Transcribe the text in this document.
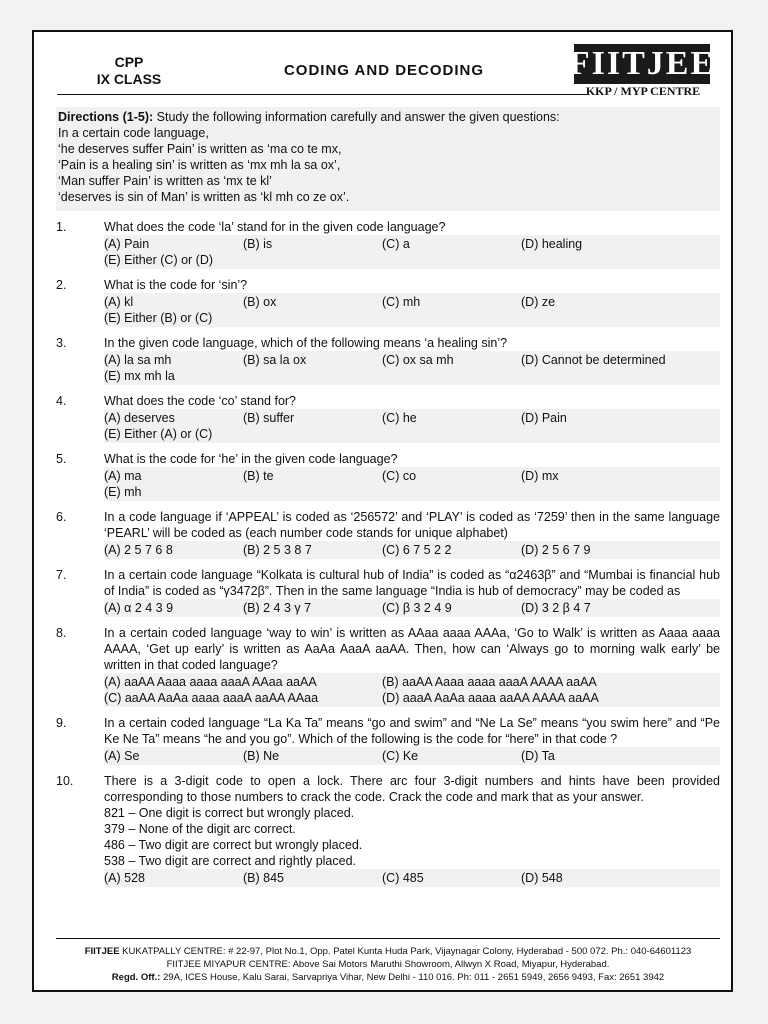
CPP
IX CLASS	CODING AND DECODING	FIITJEE
KKP / MYP CENTRE

Directions (1-5): Study the following information carefully and answer the given questions:

In a certain code language,

‘he deserves suffer Pain’ is written as ‘ma co te mx,

‘Pain is a healing sin’ is written as ‘mx mh la sa ox’,

‘Man suffer Pain’ is written as ‘mx te kl’

‘deserves is sin of Man’ is written as ‘kl mh co ze ox’.

1.	What does the code ‘la’ stand for in the given code language?
(A) Pain	(B) is	(C) a	(D) healing
(E) Either (C) or (D)
2.	What is the code for ‘sin’?
(A) kl	(B) ox	(C) mh	(D) ze
(E) Either (B) or (C)
3.	In the given code language, which of the following means ‘a healing sin’?
(A) la sa mh	(B) sa la ox	(C) ox sa mh	(D) Cannot be determined
(E) mx mh la
4.	What does the code ‘co’ stand for?
(A) deserves	(B) suffer	(C) he	(D) Pain
(E) Either (A) or (C)
5.	What is the code for ‘he’ in the given code language?
(A) ma	(B) te	(C) co	(D) mx
(E) mh
6.	In a code language if ‘APPEAL’ is coded as ‘256572’ and ‘PLAY’ is coded as ‘7259’ then in the same language ‘PEARL’ will be coded as (each number code stands for unique alphabet)
(A) 2 5 7 6 8	(B) 2 5 3 8 7	(C) 6 7 5 2 2	(D) 2 5 6 7 9
7.	In a certain code language “Kolkata is cultural hub of India” is coded as “α2463β” and “Mumbai is financial hub of India” is coded as “γ3472β”. Then in the same language “India is hub of democracy” may be coded as
(A) α 2 4 3 9	(B) 2 4 3 γ 7	(C) β 3 2 4 9	(D) 3 2 β 4 7
8.	In a certain coded language ‘way to win’ is written as AAaa aaaa AAAa, ‘Go to Walk’ is written as Aaaa aaaa AAAA, ‘Get up early’ is written as AaAa AaaA aaAA. Then, how can ‘Always go to morning walk early’ be written in that coded language?
(A) aaAA Aaaa aaaa aaaA AAaa aaAA	(B) aaAA Aaaa aaaa aaaA AAAA aaAA
(C) aaAA AaAa aaaa aaaA aaAA AAaa	(D) aaaA AaAa aaaa aaAA AAAA aaAA
9.	In a certain coded language “La Ka Ta” means “go and swim” and “Ne La Se” means “you swim here” and “Pe Ke Ne Ta” means “he and you go”. Which of the following is the code for “here” in that code ?
(A) Se	(B) Ne	(C) Ke	(D) Ta
10.	There is a 3-digit code to open a lock. There arc four 3-digit numbers and hints have been provided corresponding to those numbers to crack the code. Crack the code and mark that as your answer.
821 – One digit is correct but wrongly placed.
379 – None of the digit arc correct.
486 – Two digit are correct but wrongly placed.
538 – Two digit are correct and rightly placed.
(A) 528	(B) 845	(C) 485	(D) 548
FIITJEE KUKATPALLY CENTRE: # 22-97, Plot No.1, Opp. Patel Kunta Huda Park, Vijaynagar Colony, Hyderabad - 500 072. Ph.: 040-64601123
FIITJEE MIYAPUR CENTRE: Above Sai Motors Maruthi Showroom, Allwyn X Road, Miyapur, Hyderabad.
Regd. Off.: 29A, ICES House, Kalu Sarai, Sarvapriya Vihar, New Delhi - 110 016. Ph: 011 - 2651 5949, 2656 9493, Fax: 2651 3942
